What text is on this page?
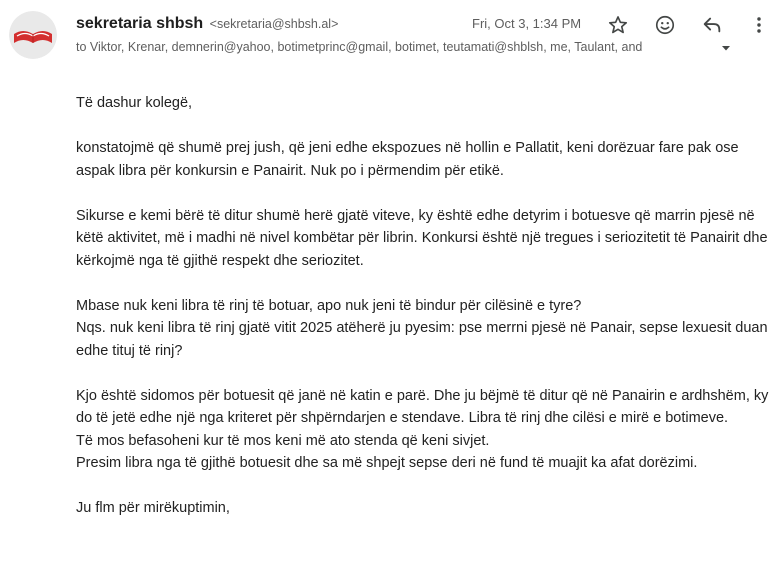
sekretaria shbsh <sekretaria@shbsh.al>	Fri, Oct 3, 1:34 PM
to Viktor, Krenar, demnerin@yahoo, botimetprinc@gmail, botimet, teutamati@shblsh, me, Taulant, and

Të dashur kolegë,

konstatojmë që shumë prej jush, që jeni edhe ekspozues në hollin e Pallatit, keni dorëzuar fare pak ose aspak libra për konkursin e Panairit. Nuk po i përmendim për etikë.

Sikurse e kemi bërë të ditur shumë herë gjatë viteve, ky është edhe detyrim i botuesve që marrin pjesë në këtë aktivitet, më i madhi në nivel kombëtar për librin. Konkursi është një tregues i seriozitetit të Panairit dhe kërkojmë nga të gjithë respekt dhe seriozitet.

Mbase nuk keni libra të rinj të botuar, apo nuk jeni të bindur për cilësinë e tyre?

Nqs. nuk keni libra të rinj gjatë vitit 2025 atëherë ju pyesim: pse merrni pjesë në Panair, sepse lexuesit duan edhe tituj të rinj?

Kjo është sidomos për botuesit që janë në katin e parë. Dhe ju bëjmë të ditur që në Panairin e ardhshëm, ky do të jetë edhe një nga kriteret për shpërndarjen e stendave. Libra të rinj dhe cilësi e mirë e botimeve.

Të mos befasoheni kur të mos keni më ato stenda që keni sivjet.

Presim libra nga të gjithë botuesit dhe sa më shpejt sepse deri në fund të muajit ka afat dorëzimi.

Ju flm për mirëkuptimin,
